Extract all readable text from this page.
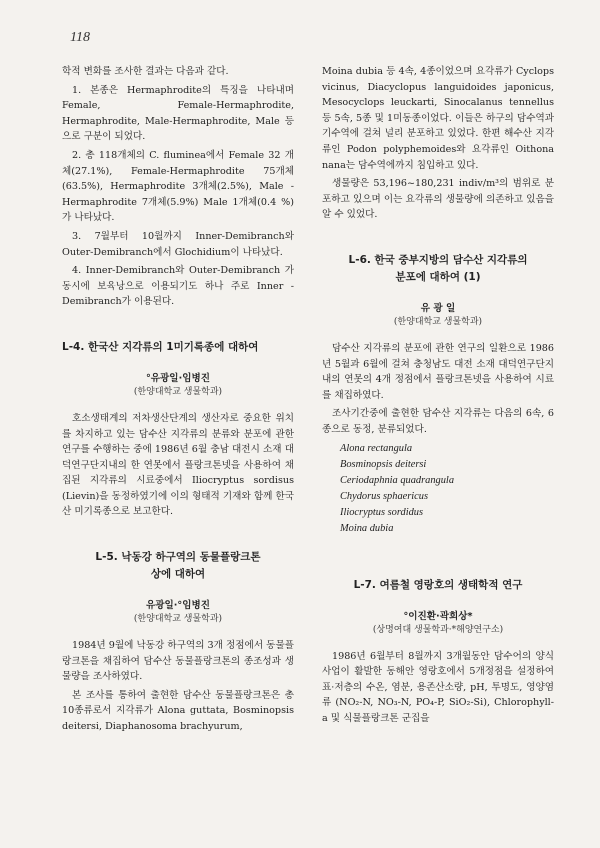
118

학적 변화를 조사한 결과는 다음과 같다.

1. 본종은 Hermaphrodite의 특징을 나타내며 Female, Female-Hermaphrodite, Hermaphrodite, Male-Hermaphrodite, Male 등으로 구분이 되었다.

2. 총 118개체의 C. fluminea에서 Female 32 개체(27.1%), Female-Hermaphrodite 75개체 (63.5%), Hermaphrodite 3개체(2.5%), Male -Hermaphrodite 7개체(5.9%) Male 1개체(0.4 %)가 나타났다.

3. 7월부터 10월까지 Inner-Demibranch와 Outer-Demibranch에서 Glochidium이 나타났다.

4. Inner-Demibranch와 Outer-Demibranch 가 동시에 보육낭으로 이용되기도 하나 주로 Inner -Demibranch가 이용된다.

L-4. 한국산 지각류의 1미기록종에 대하여

°유광일·임병진

(한양대학교 생물학과)

호소생태계의 저차생산단계의 생산자로 중요한 위치를 차지하고 있는 담수산 지각류의 분류와 분포에 관한 연구를 수행하는 중에 1986년 6월 충남 대전시 소재 대덕연구단지내의 한 연못에서 플랑크톤넷을 사용하여 채집된 지각류의 시료중에서 Iliocryptus sordisus (Lievin)을 동정하였기에 이의 형태적 기재와 함께 한국산 미기록종으로 보고한다.

L-5. 낙동강 하구역의 동물플랑크톤

상에 대하여

유광일·°임병진

(한양대학교 생물학과)

1984년 9월에 낙동강 하구역의 3개 정점에서 동물플랑크톤을 채집하여 담수산 동물플랑크톤의 종조성과 생물량을 조사하였다.

본 조사를 통하여 출현한 담수산 동물플랑크톤은 총 10종류로서 지각류가 Alona guttata, Bosminopsis deitersi, Diaphanosoma brachyurum,

Moina dubia 등 4속, 4종이었으며 요각류가 Cyclops vicinus, Diacyclopus languidoides japonicus, Mesocyclops leuckarti, Sinocalanus tennellus 등 5속, 5종 및 1미동종이었다. 이들은 하구의 담수역과 기수역에 걸쳐 널리 분포하고 있었다. 한편 해수산 지각류인 Podon polyphemoides와 요각류인 Oithona nana는 담수역에까지 침입하고 있다.

생물량은 53,196~180,231 indiv/m³의 범위로 분포하고 있으며 이는 요각류의 생물량에 의존하고 있음을 알 수 있었다.

L-6. 한국 중부지방의 담수산 지각류의

분포에 대하여 (1)

유 광 일

(한양대학교 생물학과)

담수산 지각류의 분포에 관한 연구의 일환으로 1986년 5월과 6월에 걸쳐 충청남도 대전 소재 대덕연구단지내의 연못의 4개 정점에서 플랑크톤넷을 사용하여 시료를 채집하였다.

조사기간중에 출현한 담수산 지각류는 다음의 6속, 6종으로 동정, 분류되었다.

Alona rectangula

Bosminopsis deitersi

Ceriodaphnia quadrangula

Chydorus sphaericus

Iliocryptus sordidus

Moina dubia

L-7. 여름철 영랑호의 생태학적 연구

°이진환·곽희상*

(상명여대 생물학과·*해양연구소)

1986년 6월부터 8월까지 3개월동안 담수어의 양식사업이 활발한 동해안 영랑호에서 5개정점을 설정하여 표·저층의 수온, 염분, 용존산소량, pH, 투명도, 영양염류 (NO₂-N, NO₃-N, PO₄-P, SiO₂-Si), Chlorophyll-a 및 식물플랑크톤 군집을
